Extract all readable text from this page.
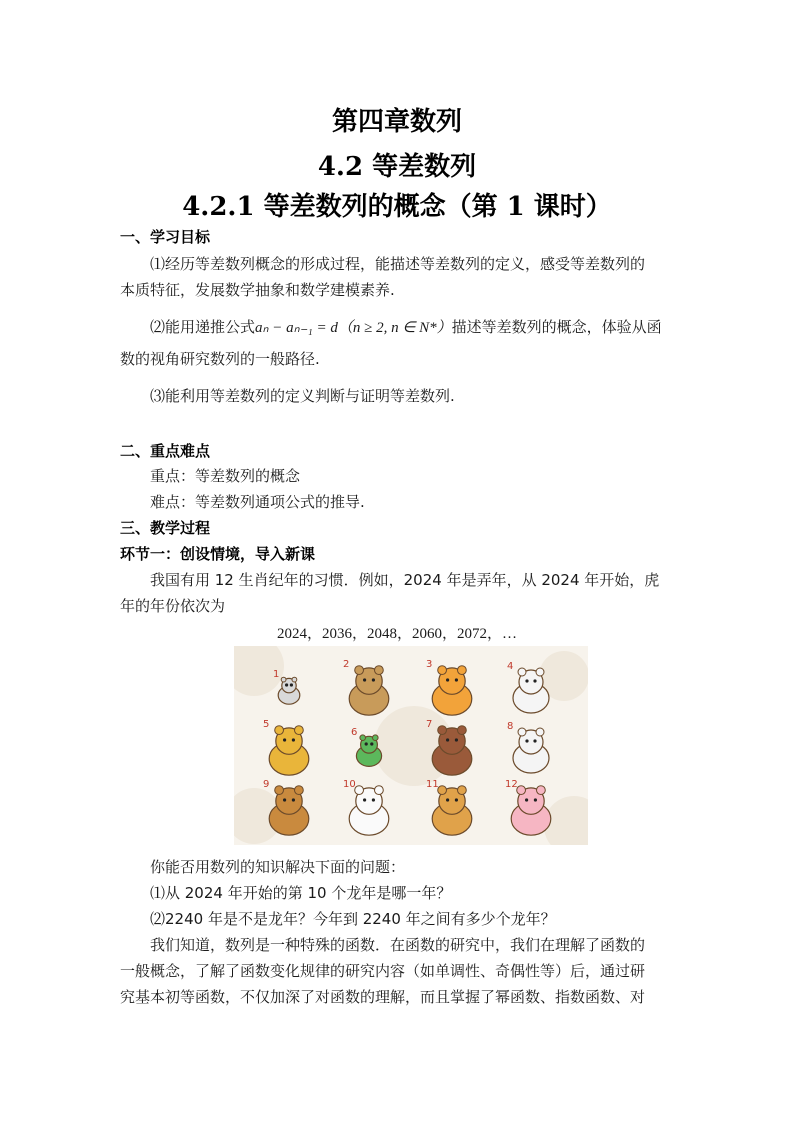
第四章数列
4.2 等差数列
4.2.1 等差数列的概念（第 1 课时）
一、学习目标
⑴经历等差数列概念的形成过程，能描述等差数列的定义，感受等差数列的
本质特征，发展数学抽象和数学建模素养.
⑵能用递推公式aₙ − aₙ₋₁ = d（n ≥ 2, n ∈ N*）描述等差数列的概念，体验从函
数的视角研究数列的一般路径.
⑶能利用等差数列的定义判断与证明等差数列.
二、重点难点
重点：等差数列的概念
难点：等差数列通项公式的推导.
三、教学过程
环节一：创设情境，导入新课
我国有用 12 生肖纪年的习惯．例如，2024 年是弄年，从 2024 年开始，虎
年的年份依次为
2024，2036，2048，2060，2072，…
1
2	3	4
5
6
7	8
9	10	11	12
你能否用数列的知识解决下面的问题：
⑴从 2024 年开始的第 10 个龙年是哪一年？
⑵2240 年是不是龙年？今年到 2240 年之间有多少个龙年？
我们知道，数列是一种特殊的函数．在函数的研究中，我们在理解了函数的
一般概念，了解了函数变化规律的研究内容（如单调性、奇偶性等）后，通过研
究基本初等函数，不仅加深了对函数的理解，而且掌握了幂函数、指数函数、对
